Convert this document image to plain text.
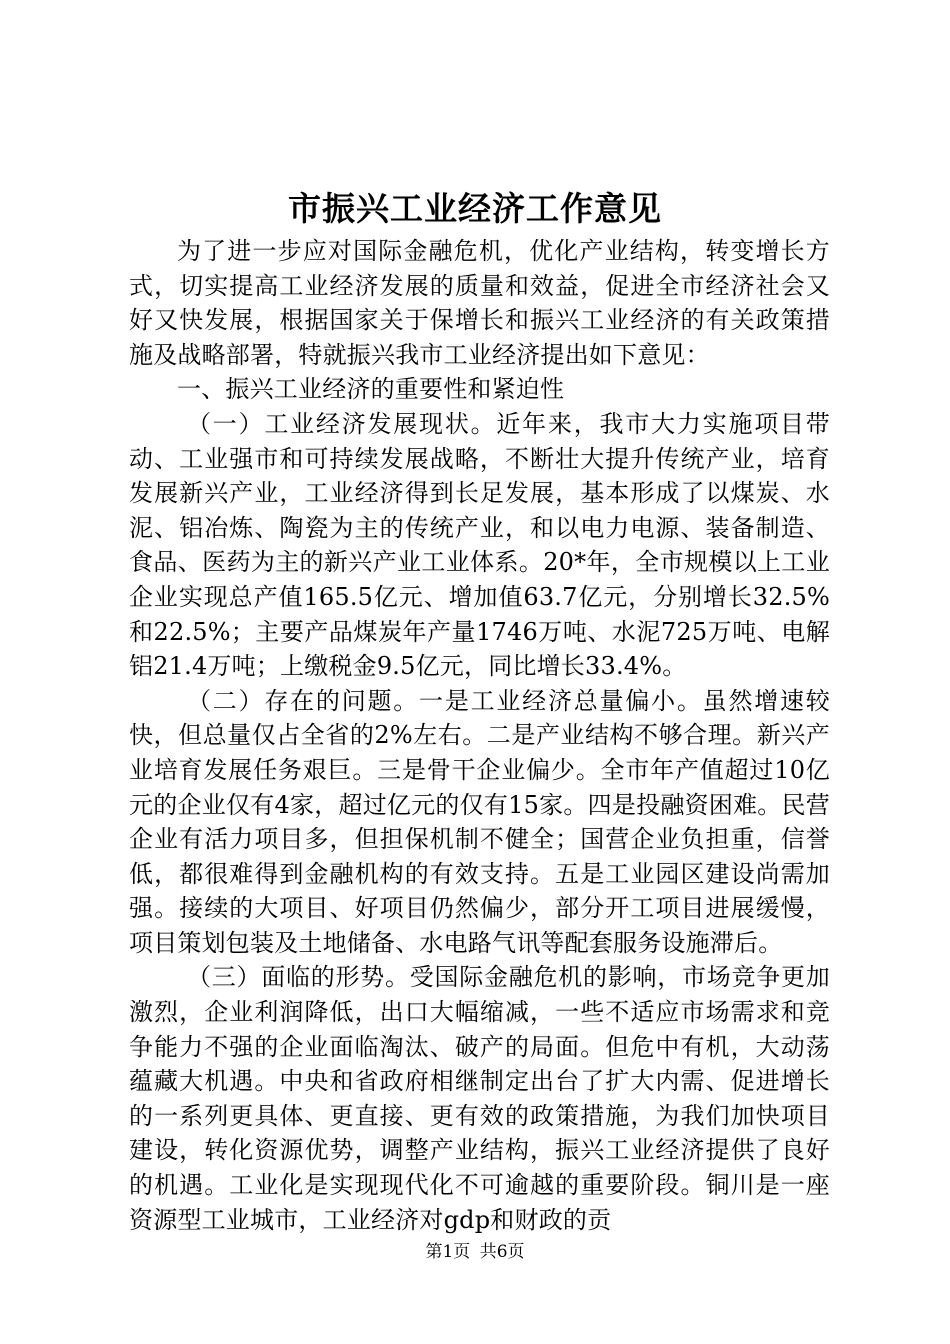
市振兴工业经济工作意见

为了进一步应对国际金融危机，优化产业结构，转变增长方式，切实提高工业经济发展的质量和效益，促进全市经济社会又好又快发展，根据国家关于保增长和振兴工业经济的有关政策措施及战略部署，特就振兴我市工业经济提出如下意见：

一、振兴工业经济的重要性和紧迫性

（一）工业经济发展现状。近年来，我市大力实施项目带动、工业强市和可持续发展战略，不断壮大提升传统产业，培育发展新兴产业，工业经济得到长足发展，基本形成了以煤炭、水泥、铝冶炼、陶瓷为主的传统产业，和以电力电源、装备制造、食品、医药为主的新兴产业工业体系。20*年，全市规模以上工业企业实现总产值165.5亿元、增加值63.7亿元，分别增长32.5%和22.5%；主要产品煤炭年产量1746万吨、水泥725万吨、电解铝21.4万吨；上缴税金9.5亿元，同比增长33.4%。

（二）存在的问题。一是工业经济总量偏小。虽然增速较快，但总量仅占全省的2%左右。二是产业结构不够合理。新兴产业培育发展任务艰巨。三是骨干企业偏少。全市年产值超过10亿元的企业仅有4家，超过亿元的仅有15家。四是投融资困难。民营企业有活力项目多，但担保机制不健全；国营企业负担重，信誉低，都很难得到金融机构的有效支持。五是工业园区建设尚需加强。接续的大项目、好项目仍然偏少，部分开工项目进展缓慢，项目策划包装及土地储备、水电路气讯等配套服务设施滞后。

（三）面临的形势。受国际金融危机的影响，市场竞争更加激烈，企业利润降低，出口大幅缩减，一些不适应市场需求和竞争能力不强的企业面临淘汰、破产的局面。但危中有机，大动荡蕴藏大机遇。中央和省政府相继制定出台了扩大内需、促进增长的一系列更具体、更直接、更有效的政策措施，为我们加快项目建设，转化资源优势，调整产业结构，振兴工业经济提供了良好的机遇。工业化是实现现代化不可逾越的重要阶段。铜川是一座资源型工业城市，工业经济对gdp和财政的贡

第1页 共6页
